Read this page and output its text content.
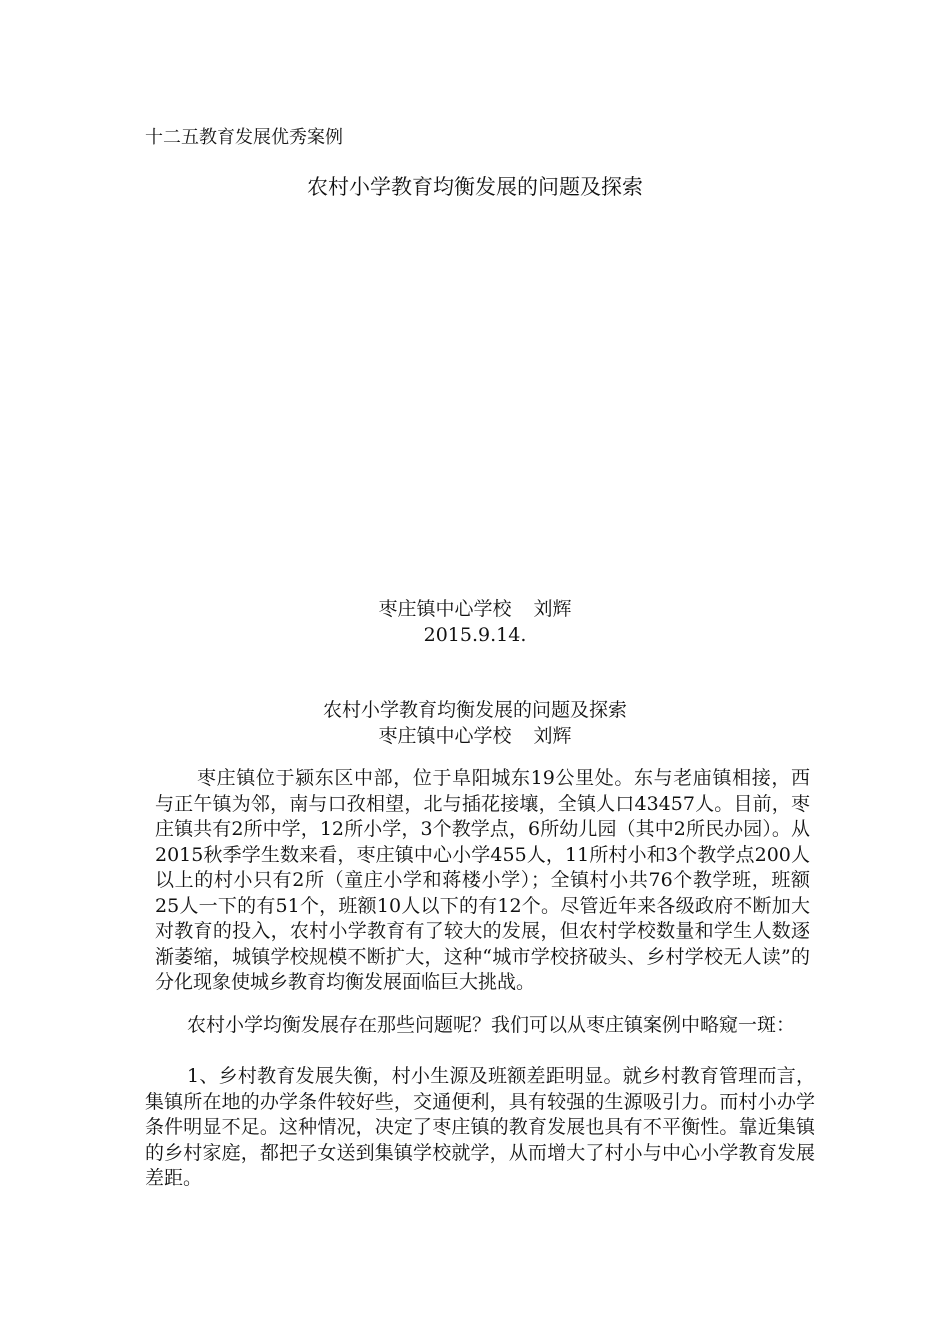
十二五教育发展优秀案例
农村小学教育均衡发展的问题及探索
枣庄镇中心学校 刘辉
2015.9.14.
农村小学教育均衡发展的问题及探索
枣庄镇中心学校 刘辉

枣庄镇位于颍东区中部，位于阜阳城东19公里处。东与老庙镇相接，西与正午镇为邻，南与口孜相望，北与插花接壤，全镇人口43457人。目前，枣庄镇共有2所中学，12所小学，3个教学点，6所幼儿园（其中2所民办园）。从2015秋季学生数来看，枣庄镇中心小学455人，11所村小和3个教学点200人以上的村小只有2所（童庄小学和蒋楼小学）；全镇村小共76个教学班，班额25人一下的有51个，班额10人以下的有12个。尽管近年来各级政府不断加大对教育的投入，农村小学教育有了较大的发展，但农村学校数量和学生人数逐渐萎缩，城镇学校规模不断扩大，这种“城市学校挤破头、乡村学校无人读”的分化现象使城乡教育均衡发展面临巨大挑战。

农村小学均衡发展存在那些问题呢？我们可以从枣庄镇案例中略窥一斑：

1、乡村教育发展失衡，村小生源及班额差距明显。就乡村教育管理而言，集镇所在地的办学条件较好些，交通便利，具有较强的生源吸引力。而村小办学条件明显不足。这种情况，决定了枣庄镇的教育发展也具有不平衡性。靠近集镇的乡村家庭，都把子女送到集镇学校就学，从而增大了村小与中心小学教育发展差距。
